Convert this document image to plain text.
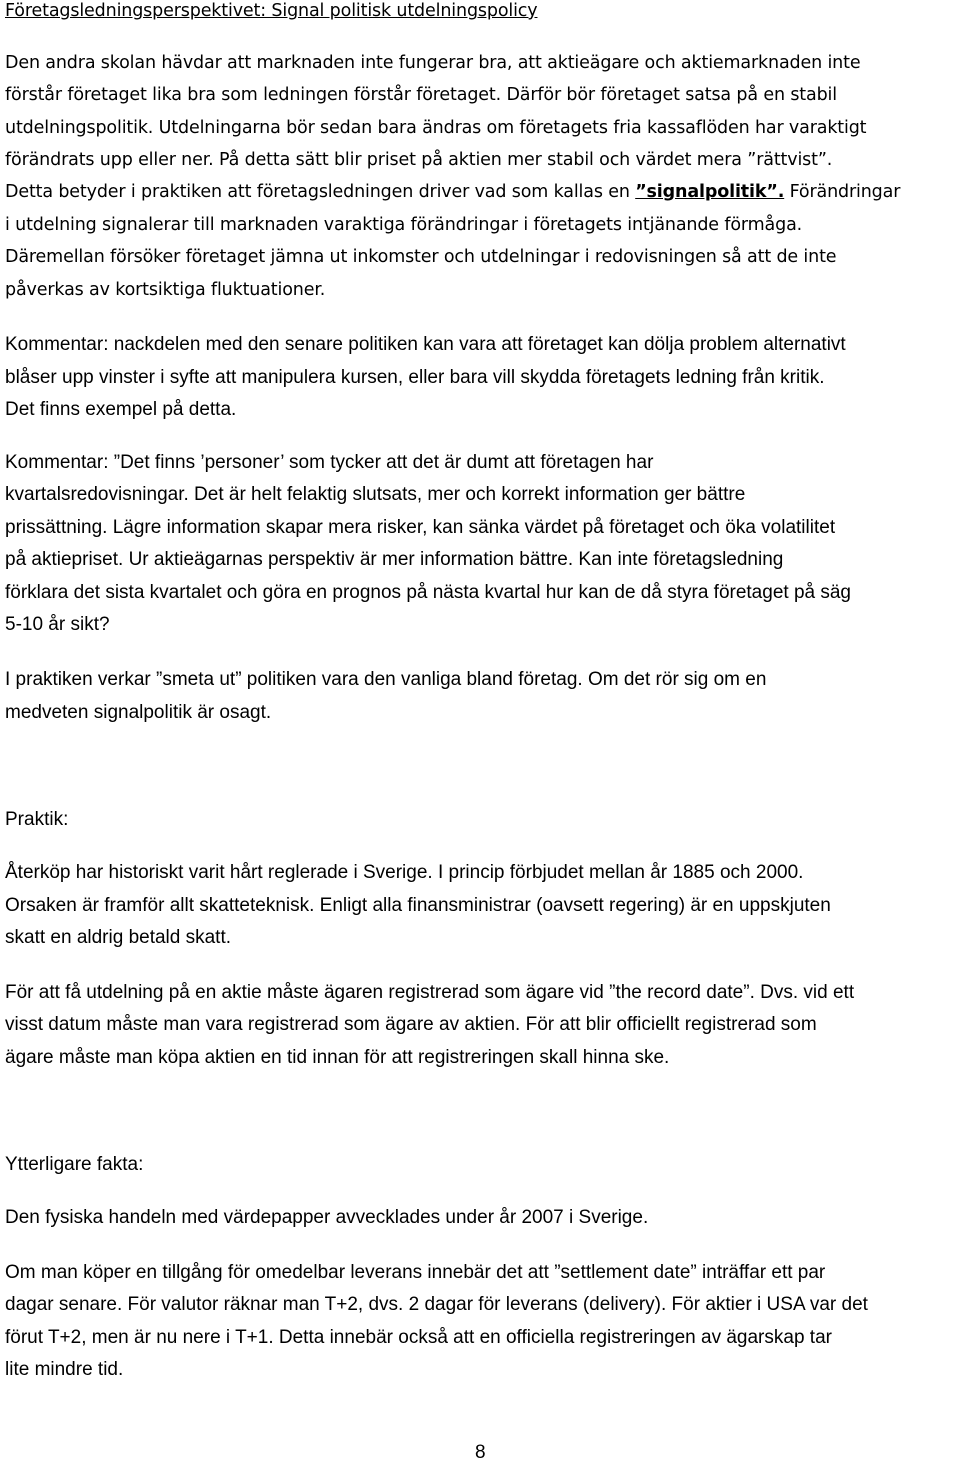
Företagsledningsperspektivet: Signal politisk utdelningspolicy
Den andra skolan hävdar att marknaden inte fungerar bra, att aktieägare och aktiemarknaden inte
förstår företaget lika bra som ledningen förstår företaget. Därför bör företaget satsa på en stabil
utdelningspolitik. Utdelningarna bör sedan bara ändras om företagets fria kassaflöden har varaktigt
förändrats upp eller ner. På detta sätt blir priset på aktien mer stabil och värdet mera ”rättvist”.
Detta betyder i praktiken att företagsledningen driver vad som kallas en ”signalpolitik”. Förändringar
i utdelning signalerar till marknaden varaktiga förändringar i företagets intjänande förmåga.
Däremellan försöker företaget jämna ut inkomster och utdelningar i redovisningen så att de inte
påverkas av kortsiktiga fluktuationer.
Kommentar: nackdelen med den senare politiken kan vara att företaget kan dölja problem alternativt
blåser upp vinster i syfte att manipulera kursen, eller bara vill skydda företagets ledning från kritik.
Det finns exempel på detta.
Kommentar: ”Det finns ’personer’ som tycker att det är dumt att företagen har
kvartalsredovisningar. Det är helt felaktig slutsats, mer och korrekt information ger bättre
prissättning. Lägre information skapar mera risker, kan sänka värdet på företaget och öka volatilitet
på aktiepriset. Ur aktieägarnas perspektiv är mer information bättre. Kan inte företagsledning
förklara det sista kvartalet och göra en prognos på nästa kvartal hur kan de då styra företaget på säg
5-10 år sikt?
I praktiken verkar ”smeta ut” politiken vara den vanliga bland företag. Om det rör sig om en
medveten signalpolitik är osagt.
Praktik:
Återköp har historiskt varit hårt reglerade i Sverige. I princip förbjudet mellan år 1885 och 2000.
Orsaken är framför allt skatteteknisk. Enligt alla finansministrar (oavsett regering) är en uppskjuten
skatt en aldrig betald skatt.
För att få utdelning på en aktie måste ägaren registrerad som ägare vid ”the record date”. Dvs. vid ett
visst datum måste man vara registrerad som ägare av aktien. För att blir officiellt registrerad som
ägare måste man köpa aktien en tid innan för att registreringen skall hinna ske.
Ytterligare fakta:
Den fysiska handeln med värdepapper avvecklades under år 2007 i Sverige.
Om man köper en tillgång för omedelbar leverans innebär det att ”settlement date” inträffar ett par
dagar senare. För valutor räknar man T+2, dvs. 2 dagar för leverans (delivery). För aktier i USA var det
förut T+2, men är nu nere i T+1. Detta innebär också att en officiella registreringen av ägarskap tar
lite mindre tid.
8
